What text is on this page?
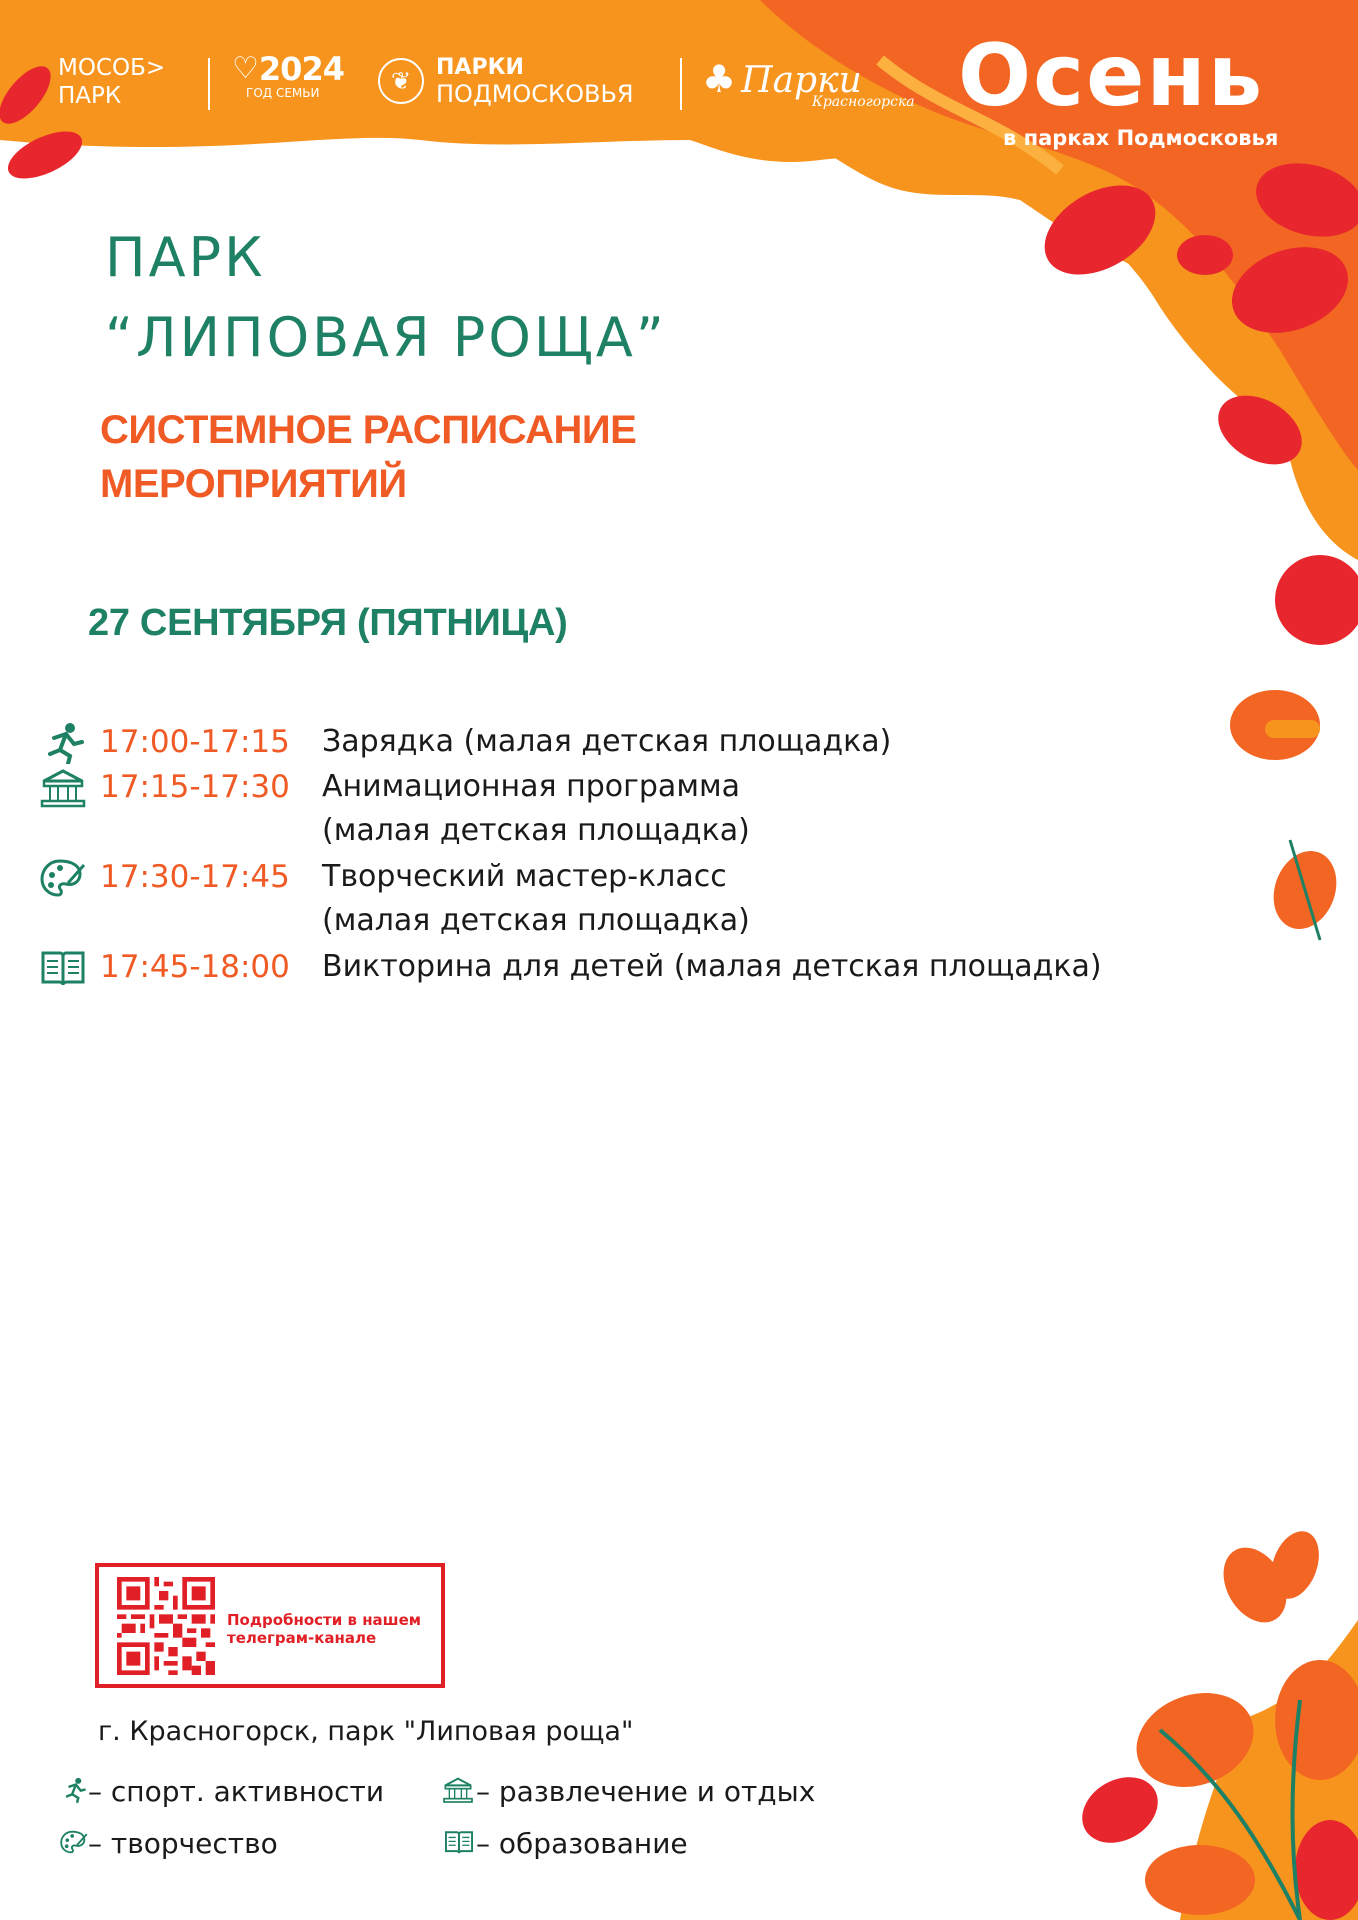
МОСОБ>
ПАРК
♡ 2024
ГОД СЕМЬИ	❦	ПАРКИ
ПОДМОСКОВЬЯ ♣ Парки
Красногорска Осень
в парках Подмосковья
ПАРК
“ЛИПОВАЯ РОЩА”
СИСТЕМНОЕ РАСПИСАНИЕ
МЕРОПРИЯТИЙ
27 СЕНТЯБРЯ (ПЯТНИЦА)
17:00-17:15 Зарядка (малая детская площадка)
17:15-17:30 Анимационная программа
(малая детская площадка)
17:30-17:45 Творческий мастер-класс
(малая детская площадка)
17:45-18:00 Викторина для детей (малая детская площадка)
Подробности в нашем
телеграм-канале
г. Красногорск, парк "Липовая роща"
– спорт. активности	– развлечение и отдых
– творчество	– образование
